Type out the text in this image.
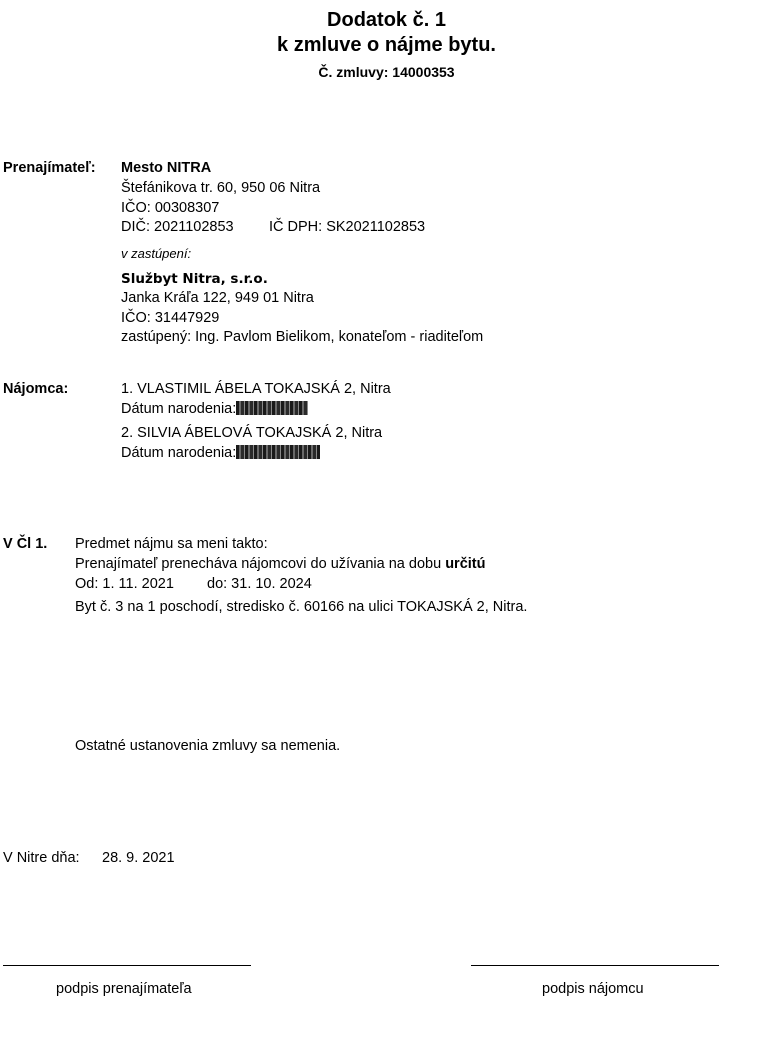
Dodatok č. 1
k zmluve o nájme bytu.
Č. zmluvy: 14000353
Prenajímateľ: Mesto NITRA
Štefánikova tr. 60, 950 06 Nitra
IČO: 00308307
DIČ: 2021102853 IČ DPH: SK2021102853
v zastúpení:
Službyt Nitra, s.r.o.
Janka Kráľa 122, 949 01 Nitra
IČO: 31447929
zastúpený: Ing. Pavlom Bielikom, konateľom - riaditeľom
Nájomca:	1. VLASTIMIL ÁBELA TOKAJSKÁ 2, Nitra
Dátum narodenia:
2. SILVIA ÁBELOVÁ TOKAJSKÁ 2, Nitra
Dátum narodenia:
V Čl 1. Predmet nájmu sa meni takto:
Prenajímateľ prenecháva nájomcovi do užívania na dobu určitú
Od: 1. 11. 2021 do: 31. 10. 2024
Byt č. 3 na 1 poschodí, stredisko č. 60166 na ulici TOKAJSKÁ 2, Nitra.
Ostatné ustanovenia zmluvy sa nemenia.
V Nitre dňa: 28. 9. 2021
podpis prenajímateľa	podpis nájomcu
